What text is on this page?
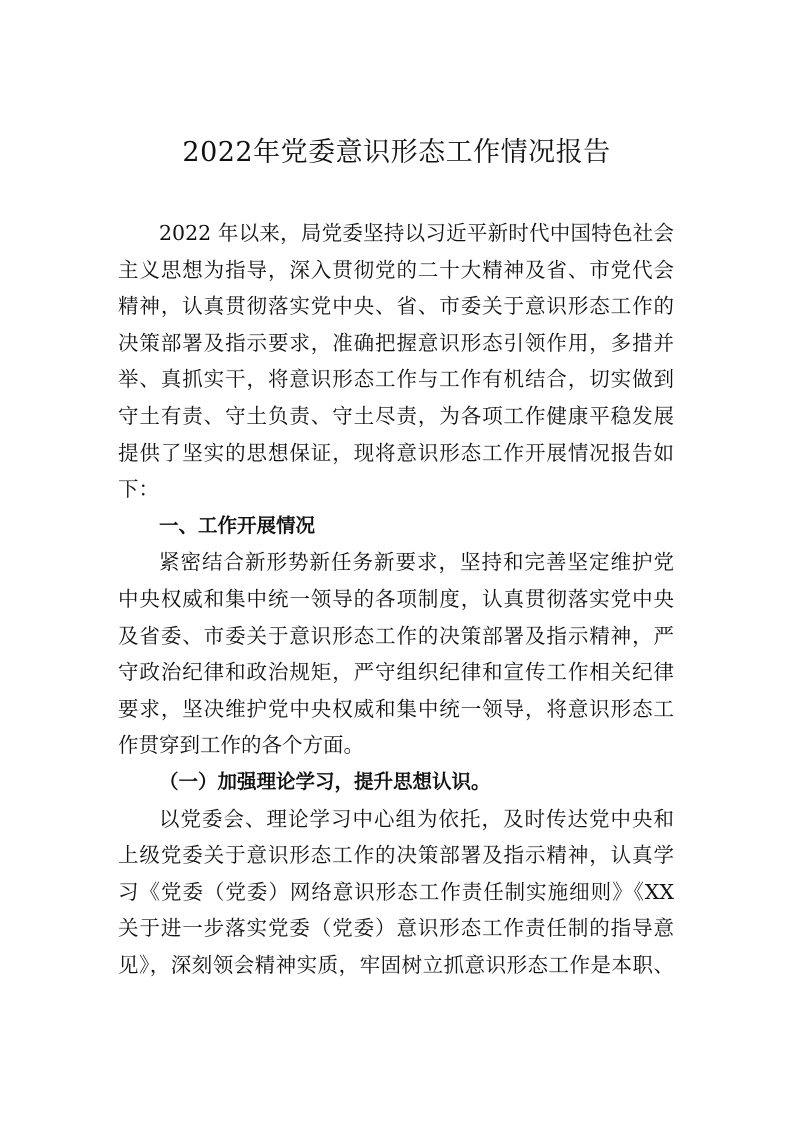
2022年党委意识形态工作情况报告
2022 年以来，局党委坚持以习近平新时代中国特色社会
主义思想为指导，深入贯彻党的二十大精神及省、市党代会
精神，认真贯彻落实党中央、省、市委关于意识形态工作的
决策部署及指示要求，准确把握意识形态引领作用，多措并
举、真抓实干，将意识形态工作与工作有机结合，切实做到
守土有责、守土负责、守土尽责，为各项工作健康平稳发展
提供了坚实的思想保证，现将意识形态工作开展情况报告如
下：
一、工作开展情况
紧密结合新形势新任务新要求，坚持和完善坚定维护党
中央权威和集中统一领导的各项制度，认真贯彻落实党中央
及省委、市委关于意识形态工作的决策部署及指示精神，严
守政治纪律和政治规矩，严守组织纪律和宣传工作相关纪律
要求，坚决维护党中央权威和集中统一领导，将意识形态工
作贯穿到工作的各个方面。
（一）加强理论学习，提升思想认识。
以党委会、理论学习中心组为依托，及时传达党中央和
上级党委关于意识形态工作的决策部署及指示精神，认真学
习《党委（党委）网络意识形态工作责任制实施细则》《XX
关于进一步落实党委（党委）意识形态工作责任制的指导意
见》，深刻领会精神实质，牢固树立抓意识形态工作是本职、
